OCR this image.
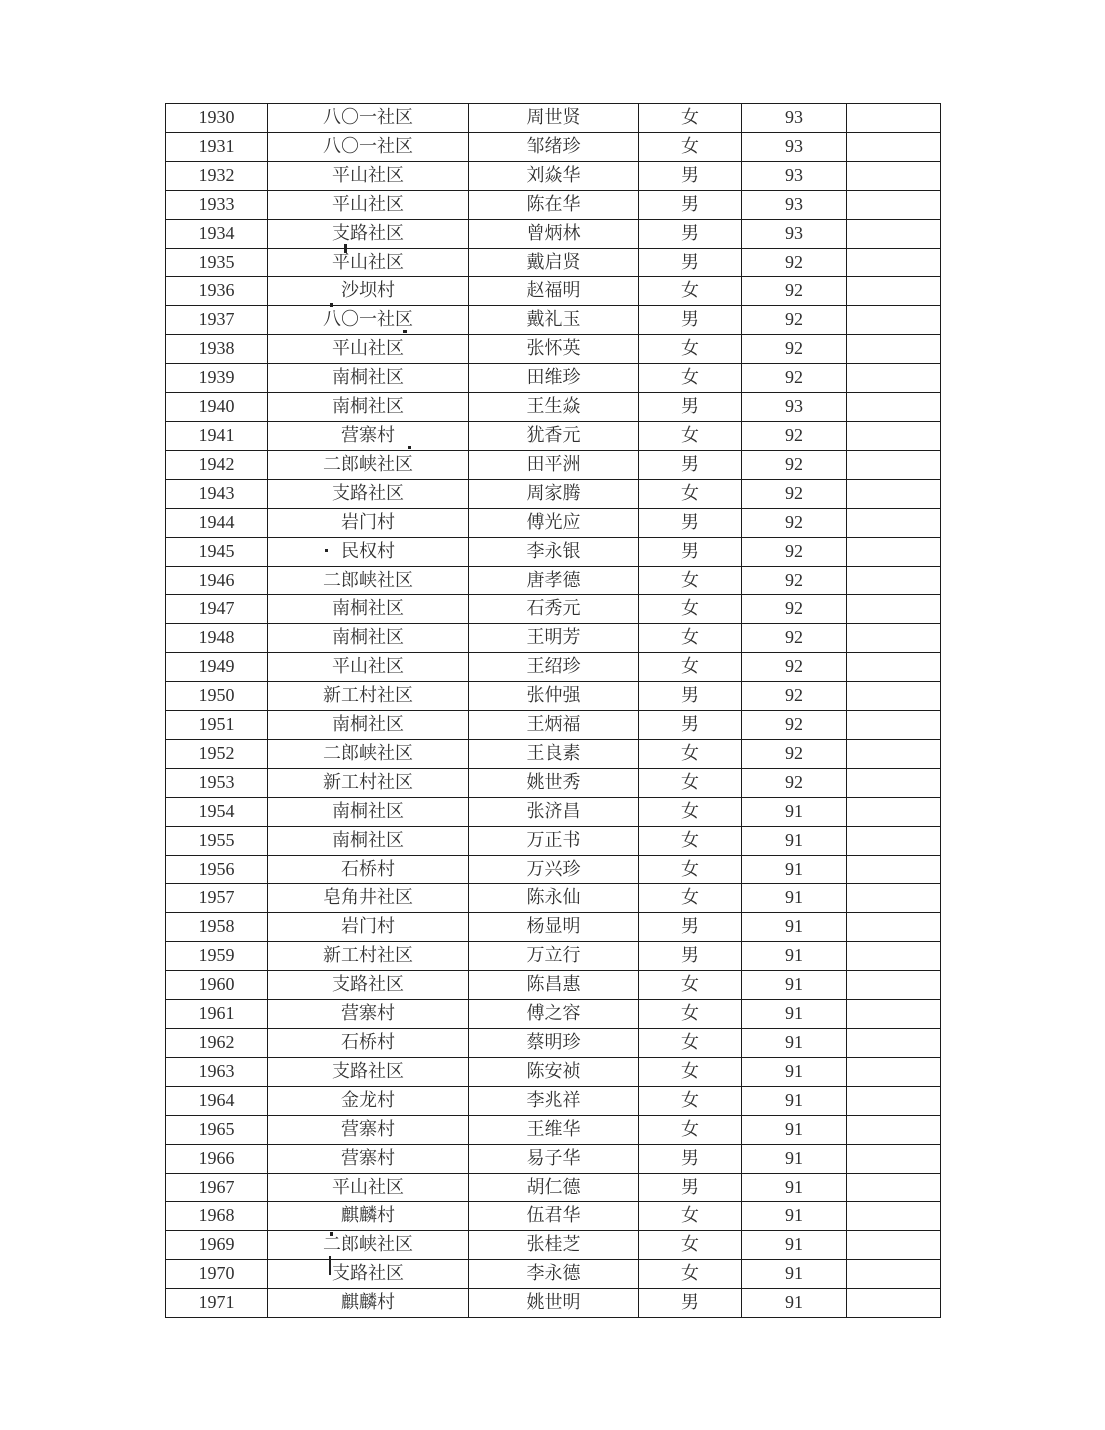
1930	八〇一社区	周世贤	女	93	
1931	八〇一社区	邹绪珍	女	93	
1932	平山社区	刘焱华	男	93	
1933	平山社区	陈在华	男	93	
1934	支路社区	曾炳林	男	93	
1935	平山社区	戴启贤	男	92	
1936	沙坝村	赵福明	女	92	
1937	八〇一社区	戴礼玉	男	92	
1938	平山社区	张怀英	女	92	
1939	南桐社区	田维珍	女	92	
1940	南桐社区	王生焱	男	93	
1941	营寨村	犹香元	女	92	
1942	二郎峡社区	田平洲	男	92	
1943	支路社区	周家腾	女	92	
1944	岩门村	傅光应	男	92	
1945	民权村	李永银	男	92	
1946	二郎峡社区	唐孝德	女	92	
1947	南桐社区	石秀元	女	92	
1948	南桐社区	王明芳	女	92	
1949	平山社区	王绍珍	女	92	
1950	新工村社区	张仲强	男	92	
1951	南桐社区	王炳福	男	92	
1952	二郎峡社区	王良素	女	92	
1953	新工村社区	姚世秀	女	92	
1954	南桐社区	张济昌	女	91	
1955	南桐社区	万正书	女	91	
1956	石桥村	万兴珍	女	91	
1957	皂角井社区	陈永仙	女	91	
1958	岩门村	杨显明	男	91	
1959	新工村社区	万立行	男	91	
1960	支路社区	陈昌惠	女	91	
1961	营寨村	傅之容	女	91	
1962	石桥村	蔡明珍	女	91	
1963	支路社区	陈安祯	女	91	
1964	金龙村	李兆祥	女	91	
1965	营寨村	王维华	女	91	
1966	营寨村	易子华	男	91	
1967	平山社区	胡仁德	男	91	
1968	麒麟村	伍君华	女	91	
1969	二郎峡社区	张桂芝	女	91	
1970	支路社区	李永德	女	91	
1971	麒麟村	姚世明	男	91	
